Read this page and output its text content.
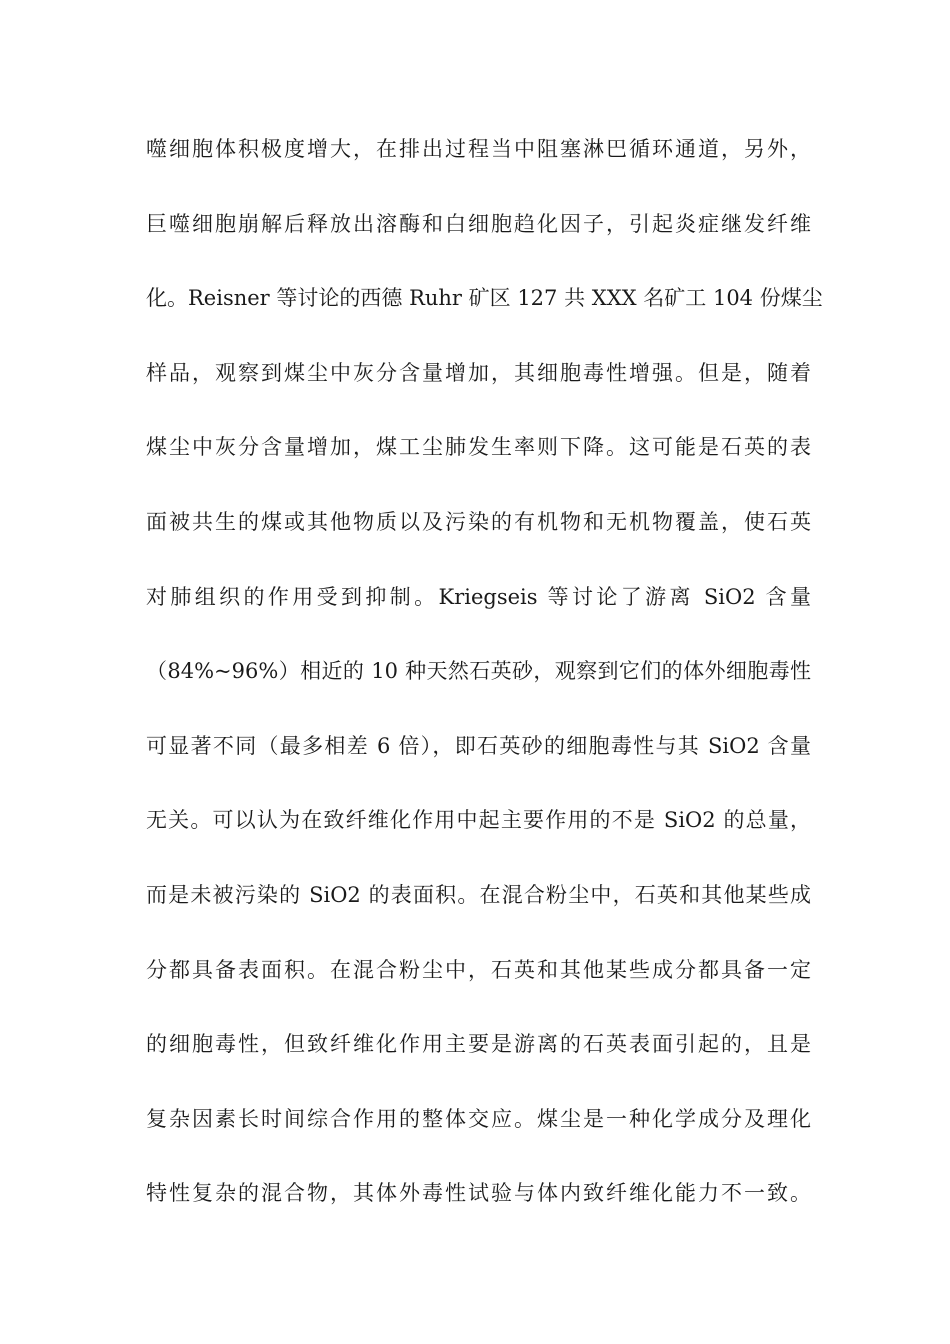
噬细胞体积极度增大，在排出过程当中阻塞淋巴循环通道，另外，
巨噬细胞崩解后释放出溶酶和白细胞趋化因子，引起炎症继发纤维
化。Reisner 等讨论的西德 Ruhr 矿区 127 共 XXX 名矿工 104 份煤尘
样品，观察到煤尘中灰分含量增加，其细胞毒性增强。但是，随着
煤尘中灰分含量增加，煤工尘肺发生率则下降。这可能是石英的表
面被共生的煤或其他物质以及污染的有机物和无机物覆盖，使石英
对肺组织的作用受到抑制。Kriegseis 等讨论了游离 SiO2 含量
（84%~96%）相近的 10 种天然石英砂，观察到它们的体外细胞毒性
可显著不同（最多相差 6 倍），即石英砂的细胞毒性与其 SiO2 含量
无关。可以认为在致纤维化作用中起主要作用的不是 SiO2 的总量，
而是未被污染的 SiO2 的表面积。在混合粉尘中，石英和其他某些成
分都具备表面积。在混合粉尘中，石英和其他某些成分都具备一定
的细胞毒性，但致纤维化作用主要是游离的石英表面引起的，且是
复杂因素长时间综合作用的整体交应。煤尘是一种化学成分及理化
特性复杂的混合物，其体外毒性试验与体内致纤维化能力不一致。
